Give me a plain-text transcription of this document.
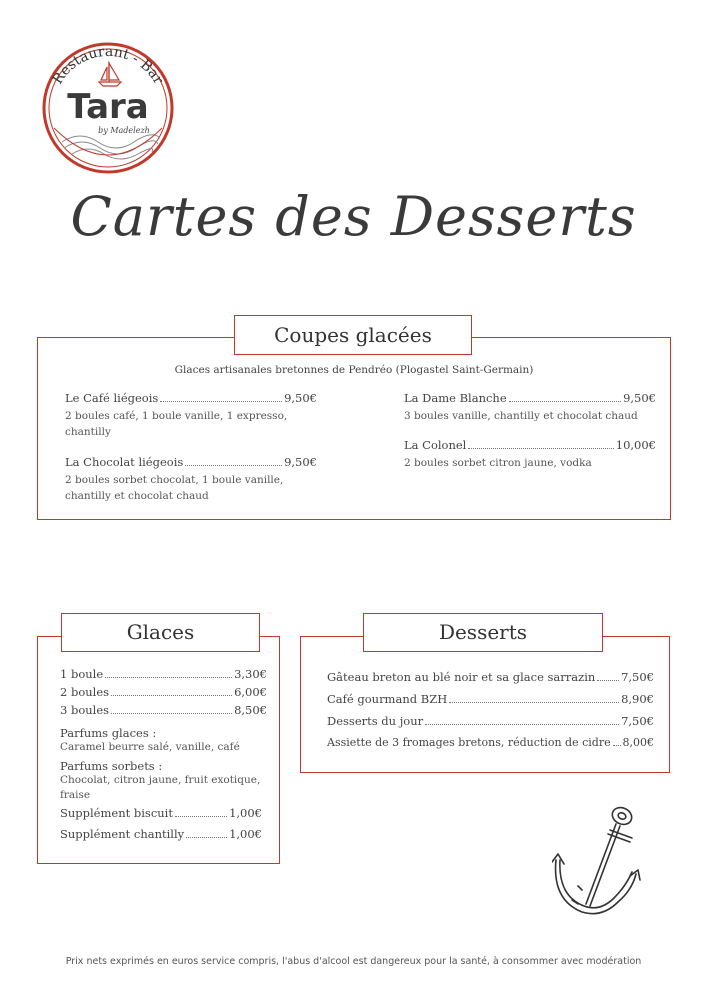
Restaurant - Bar
Tara
by Madelezh
Cartes des Desserts
Coupes glacées
Glaces artisanales bretonnes de Pendréo (Plogastel Saint-Germain)
Le Café liégeois	9,50€
2 boules café, 1 boule vanille, 1 expresso,
chantilly
La Chocolat liégeois	9,50€
2 boules sorbet chocolat, 1 boule vanille,
chantilly et chocolat chaud
La Dame Blanche	9,50€
3 boules vanille, chantilly et chocolat chaud
La Colonel	10,00€
2 boules sorbet citron jaune, vodka
Glaces
1 boule	3,30€
2 boules	6,00€
3 boules	8,50€
Parfums glaces :
Caramel beurre salé, vanille, café
Parfums sorbets :
Chocolat, citron jaune, fruit exotique,
fraise
Supplément biscuit	1,00€
Supplément chantilly	1,00€
Desserts
Gâteau breton au blé noir et sa glace sarrazin 7,50€
Café gourmand BZH	8,90€
Desserts du jour	7,50€
Assiette de 3 fromages bretons, réduction de cidre 8,00€
Prix nets exprimés en euros service compris, l'abus d'alcool est dangereux pour la santé, à consommer avec modération
